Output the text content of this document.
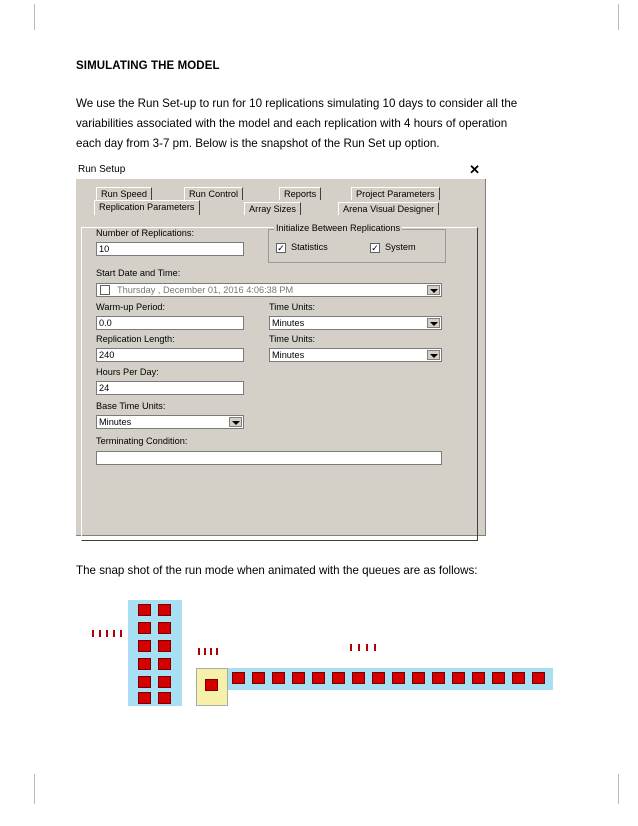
SIMULATING THE MODEL
We use the Run Set-up to run for 10 replications simulating 10 days to consider all the
variabilities associated with the model and each replication with 4 hours of operation
each day from 3-7 pm. Below is the snapshot of the Run Set up option.
Run Setup	✕
Run Speed	Run Control	Reports	Project Parameters
Replication Parameters	Array Sizes	Arena Visual Designer
Number of Replications:
10
Initialize Between Replications
✓ Statistics	✓ System
Start Date and Time:
Thursday , December 01, 2016 4:06:38 PM
Warm-up Period:
0.0
Time Units:
Minutes
Replication Length:
240
Time Units:
Minutes
Hours Per Day:
24
Base Time Units:
Minutes
Terminating Condition:
The snap shot of the run mode when animated with the queues are as follows:
